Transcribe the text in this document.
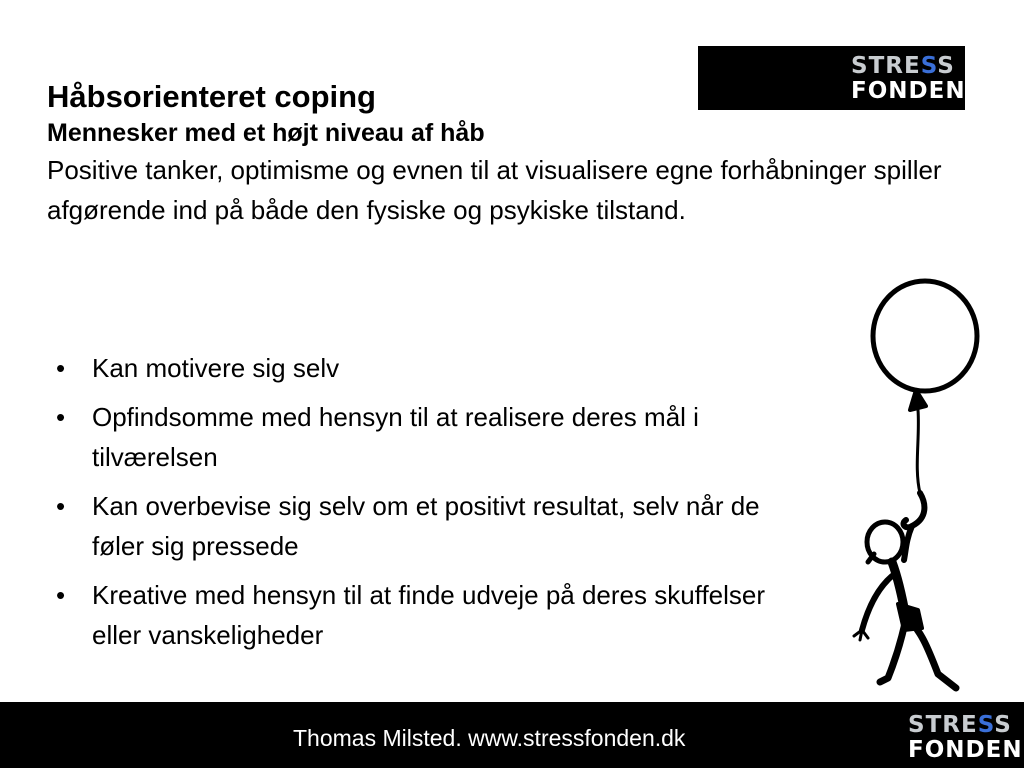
STRESS
FONDEN
Håbsorienteret coping
Mennesker med et højt niveau af håb
Positive tanker, optimisme og evnen til at visualisere egne forhåbninger spiller afgørende ind på både den fysiske og psykiske tilstand.
• Kan motivere sig selv
• Opfindsomme med hensyn til at realisere deres mål i tilværelsen
• Kan overbevise sig selv om et positivt resultat, selv når de føler sig pressede
• Kreative med hensyn til at finde udveje på deres skuffelser eller vanskeligheder
Thomas Milsted. www.stressfonden.dk	STRESS
FONDEN
